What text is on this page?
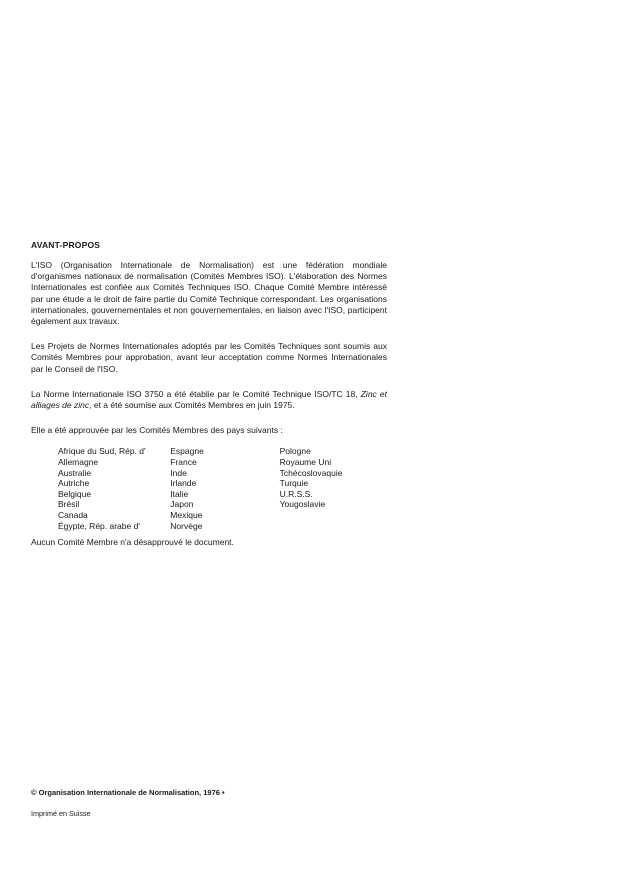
AVANT-PROPOS

L'ISO (Organisation Internationale de Normalisation) est une fédération mondiale d'organismes nationaux de normalisation (Comités Membres ISO). L'élaboration des Normes Internationales est confiée aux Comités Techniques ISO. Chaque Comité Membre intéressé par une étude a le droit de faire partie du Comité Technique correspondant. Les organisations internationales, gouvernementales et non gouvernementales, en liaison avec l'ISO, participent également aux travaux.

Les Projets de Normes Internationales adoptés par les Comités Techniques sont soumis aux Comités Membres pour approbation, avant leur acceptation comme Normes Internationales par le Conseil de l'ISO.

La Norme Internationale ISO 3750 a été établie par le Comité Technique ISO/TC 18, Zinc et alliages de zinc, et a été soumise aux Comités Membres en juin 1975.

Elle a été approuvée par les Comités Membres des pays suivants :

Afrique du Sud, Rép. d'
Allemagne
Australie
Autriche
Belgique
Brésil
Canada
Égypte, Rép. arabe d'
Espagne
France
Inde
Irlande
Italie
Japon
Mexique
Norvège
Pologne
Royaume Uni
Tchécoslovaquie
Turquie
U.R.S.S.
Yougoslavie

Aucun Comité Membre n'a désapprouvé le document.

© Organisation Internationale de Normalisation, 1976 •
Imprimé en Suisse
